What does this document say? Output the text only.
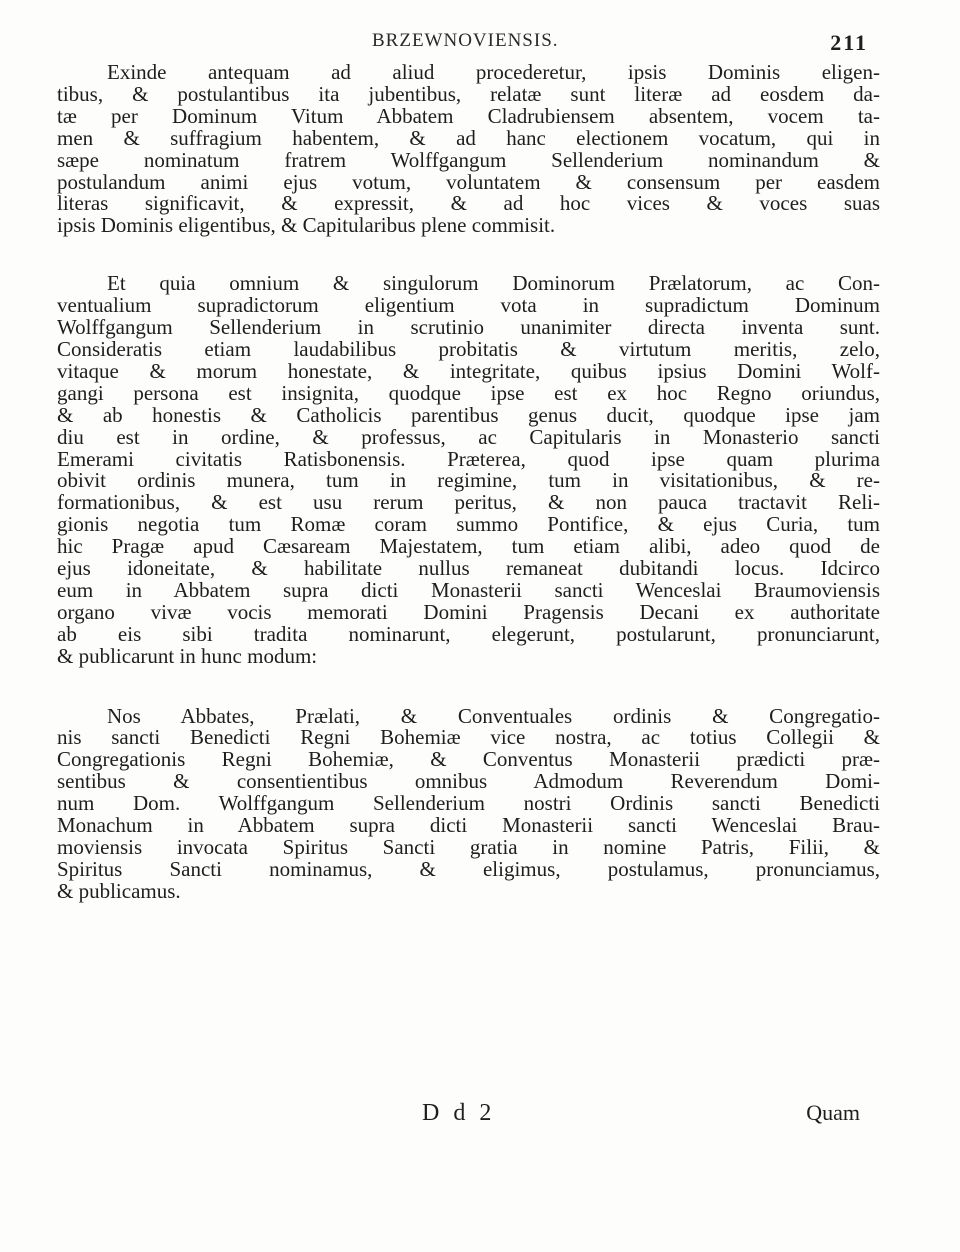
BRZEWNOVIENSIS.	211
Exinde antequam ad aliud procederetur, ipsis Dominis eligen-
tibus, & postulantibus ita jubentibus, relatæ sunt literæ ad eosdem da-
tæ per Dominum Vitum Abbatem Cladrubiensem absentem, vocem ta-
men & suffragium habentem, & ad hanc electionem vocatum, qui in
sæpe nominatum fratrem Wolffgangum Sellenderium nominandum &
postulandum animi ejus votum, voluntatem & consensum per easdem
literas significavit, & expressit, & ad hoc vices & voces suas
ipsis Dominis eligentibus, & Capitularibus plene commisit.
Et quia omnium & singulorum Dominorum Prælatorum, ac Con-
ventualium supradictorum eligentium vota in supradictum Dominum
Wolffgangum Sellenderium in scrutinio unanimiter directa inventa sunt.
Consideratis etiam laudabilibus probitatis & virtutum meritis, zelo,
vitaque & morum honestate, & integritate, quibus ipsius Domini Wolf-
gangi persona est insignita, quodque ipse est ex hoc Regno oriundus,
& ab honestis & Catholicis parentibus genus ducit, quodque ipse jam
diu est in ordine, & professus, ac Capitularis in Monasterio sancti
Emerami civitatis Ratisbonensis. Præterea, quod ipse quam plurima
obivit ordinis munera, tum in regimine, tum in visitationibus, & re-
formationibus, & est usu rerum peritus, & non pauca tractavit Reli-
gionis negotia tum Romæ coram summo Pontifice, & ejus Curia, tum
hic Pragæ apud Cæsaream Majestatem, tum etiam alibi, adeo quod de
ejus idoneitate, & habilitate nullus remaneat dubitandi locus. Idcirco
eum in Abbatem supra dicti Monasterii sancti Wenceslai Braumoviensis
organo vivæ vocis memorati Domini Pragensis Decani ex authoritate
ab eis sibi tradita nominarunt, elegerunt, postularunt, pronunciarunt,
& publicarunt in hunc modum:
Nos Abbates, Prælati, & Conventuales ordinis & Congregatio-
nis sancti Benedicti Regni Bohemiæ vice nostra, ac totius Collegii &
Congregationis Regni Bohemiæ, & Conventus Monasterii prædicti præ-
sentibus & consentientibus omnibus Admodum Reverendum Domi-
num Dom. Wolffgangum Sellenderium nostri Ordinis sancti Benedicti
Monachum in Abbatem supra dicti Monasterii sancti Wenceslai Brau-
moviensis invocata Spiritus Sancti gratia in nomine Patris, Filii, &
Spiritus Sancti nominamus, & eligimus, postulamus, pronunciamus,
& publicamus.
D d 2	Quam
